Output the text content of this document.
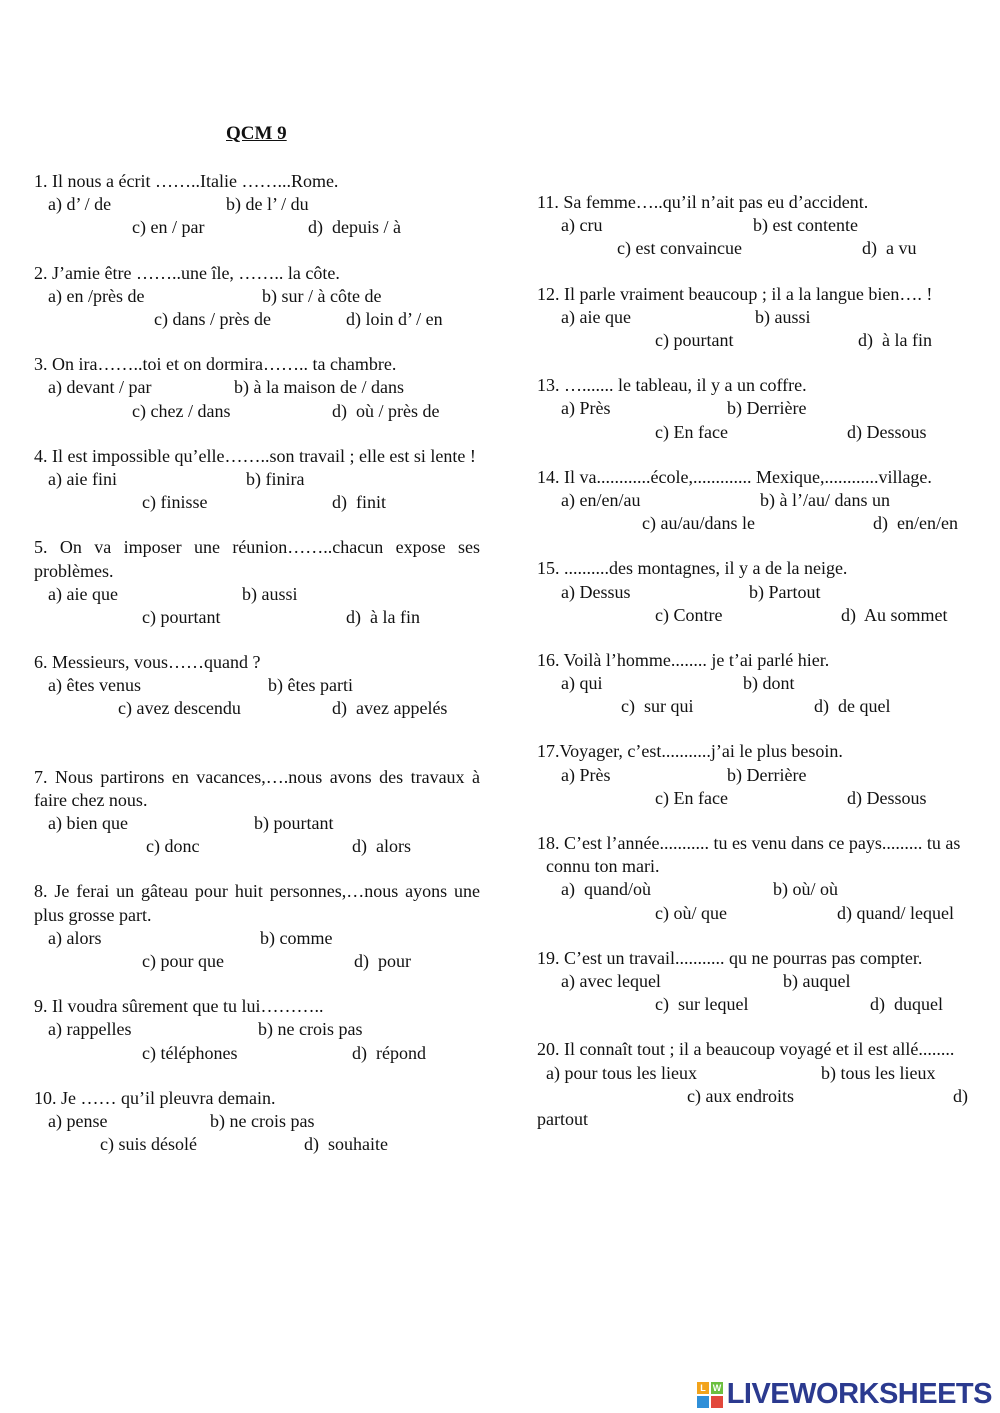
QCM 9
1. Il nous a écrit ……..Italie ……...Rome.
a) d’ / de	b) de l’ / du
c) en / par	d)  depuis / à
2. J’amie être ……..une île, …….. la côte.
a) en /près de	b) sur / à côte de
c) dans / près de	d) loin d’ / en
3. On ira……..toi et on dormira…….. ta chambre.
a) devant / par	b) à la maison de / dans
c) chez / dans	d)  où / près de
4. Il est impossible qu’elle……..son travail ; elle est si lente !
a) aie fini	b) finira
c) finisse	d)  finit
5. On va imposer une réunion……..chacun expose ses problèmes.
a) aie que	b) aussi
c) pourtant	d)  à la fin
6. Messieurs, vous……quand ?
a) êtes venus	b) êtes parti
c) avez descendu	d)  avez appelés
7. Nous partirons en vacances,….nous avons des travaux à faire chez nous.
a) bien que	b) pourtant
c) donc	d)  alors
8. Je ferai un gâteau pour huit personnes,…nous ayons une plus grosse part.
a) alors	b) comme
c) pour que	d)  pour
9. Il voudra sûrement que tu lui………..
a) rappelles	b) ne crois pas
c) téléphones	d)  répond
10. Je …… qu’il pleuvra demain.
a) pense	b) ne crois pas
c) suis désolé	d)  souhaite
11. Sa femme…..qu’il n’ait pas eu d’accident.
a) cru	b) est contente
c) est convaincue	d)  a vu
12. Il parle vraiment beaucoup ; il a la langue bien…. !
a) aie que	b) aussi
c) pourtant	d)  à la fin
13. …....... le tableau, il y a un coffre.
a) Près	b) Derrière
c) En face	d) Dessous
14. Il va............école,............. Mexique,............village.
a) en/en/au	b) à l’/au/ dans un
c) au/au/dans le	d)  en/en/en
15. ..........des montagnes, il y a de la neige.
a) Dessus	b) Partout
c) Contre	d)  Au sommet
16. Voilà l’homme........ je t’ai parlé hier.
a) qui	b) dont
c)  sur qui	d)  de quel
17.Voyager, c’est...........j’ai le plus besoin.
a) Près	b) Derrière
c) En face	d) Dessous
18. C’est l’année........... tu es venu dans ce pays......... tu as connu ton mari.
a)  quand/où	b) où/ où
c) où/ que	d) quand/ lequel
19. C’est un travail........... qu ne pourras pas compter.
a) avec lequel	b) auquel
c)  sur lequel	d)  duquel
20. Il connaît tout ; il a beaucoup voyagé et il est allé........
a) pour tous les lieux	b) tous les lieux
c) aux endroits	d)
partout
L W LIVEWORKSHEETS
